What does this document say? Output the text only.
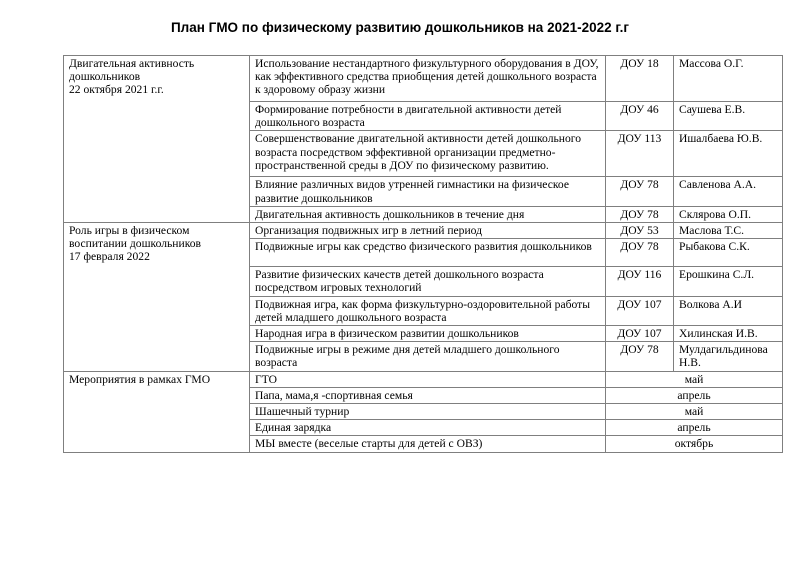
План ГМО по физическому развитию дошкольников на 2021-2022 г.г
Двигательная активность дошкольников
22 октября 2021 г.г.	Использование нестандартного физкультурного оборудования в ДОУ, как эффективного средства приобщения детей дошкольного возраста к здоровому образу жизни	ДОУ 18	Массова О.Г.
	Формирование потребности в двигательной активности детей дошкольного возраста	ДОУ 46	Саушева Е.В.
	Совершенствование двигательной активности детей дошкольного возраста посредством эффективной организации предметно-пространственной среды в ДОУ по физическому развитию.	ДОУ 113	Ишалбаева Ю.В.
	Влияние различных видов утренней гимнастики на физическое развитие дошкольников	ДОУ 78	Савленова А.А.
	Двигательная активность дошкольников в течение дня	ДОУ 78	Склярова О.П.
Роль игры в физическом воспитании дошкольников
17 февраля 2022	Организация подвижных игр в летний период	ДОУ 53	Маслова Т.С.
	Подвижные игры как средство физического развития дошкольников	ДОУ 78	Рыбакова С.К.
	Развитие физических качеств детей дошкольного возраста посредством игровых технологий	ДОУ 116	Ерошкина С.Л.
	Подвижная игра, как форма физкультурно-оздоровительной работы детей младшего дошкольного возраста	ДОУ 107	Волкова А.И
	Народная игра в физическом развитии дошкольников	ДОУ 107	Хилинская И.В.
	Подвижные игры в режиме дня детей младшего дошкольного возраста	ДОУ 78	Мулдагильдинова Н.В.
Мероприятия в рамках ГМО	ГТО	май	
	Папа, мама,я -спортивная семья	апрель	
	Шашечный турнир	май	
	Единая зарядка	апрель	
	МЫ вместе (веселые старты для детей с ОВЗ)	октябрь	
